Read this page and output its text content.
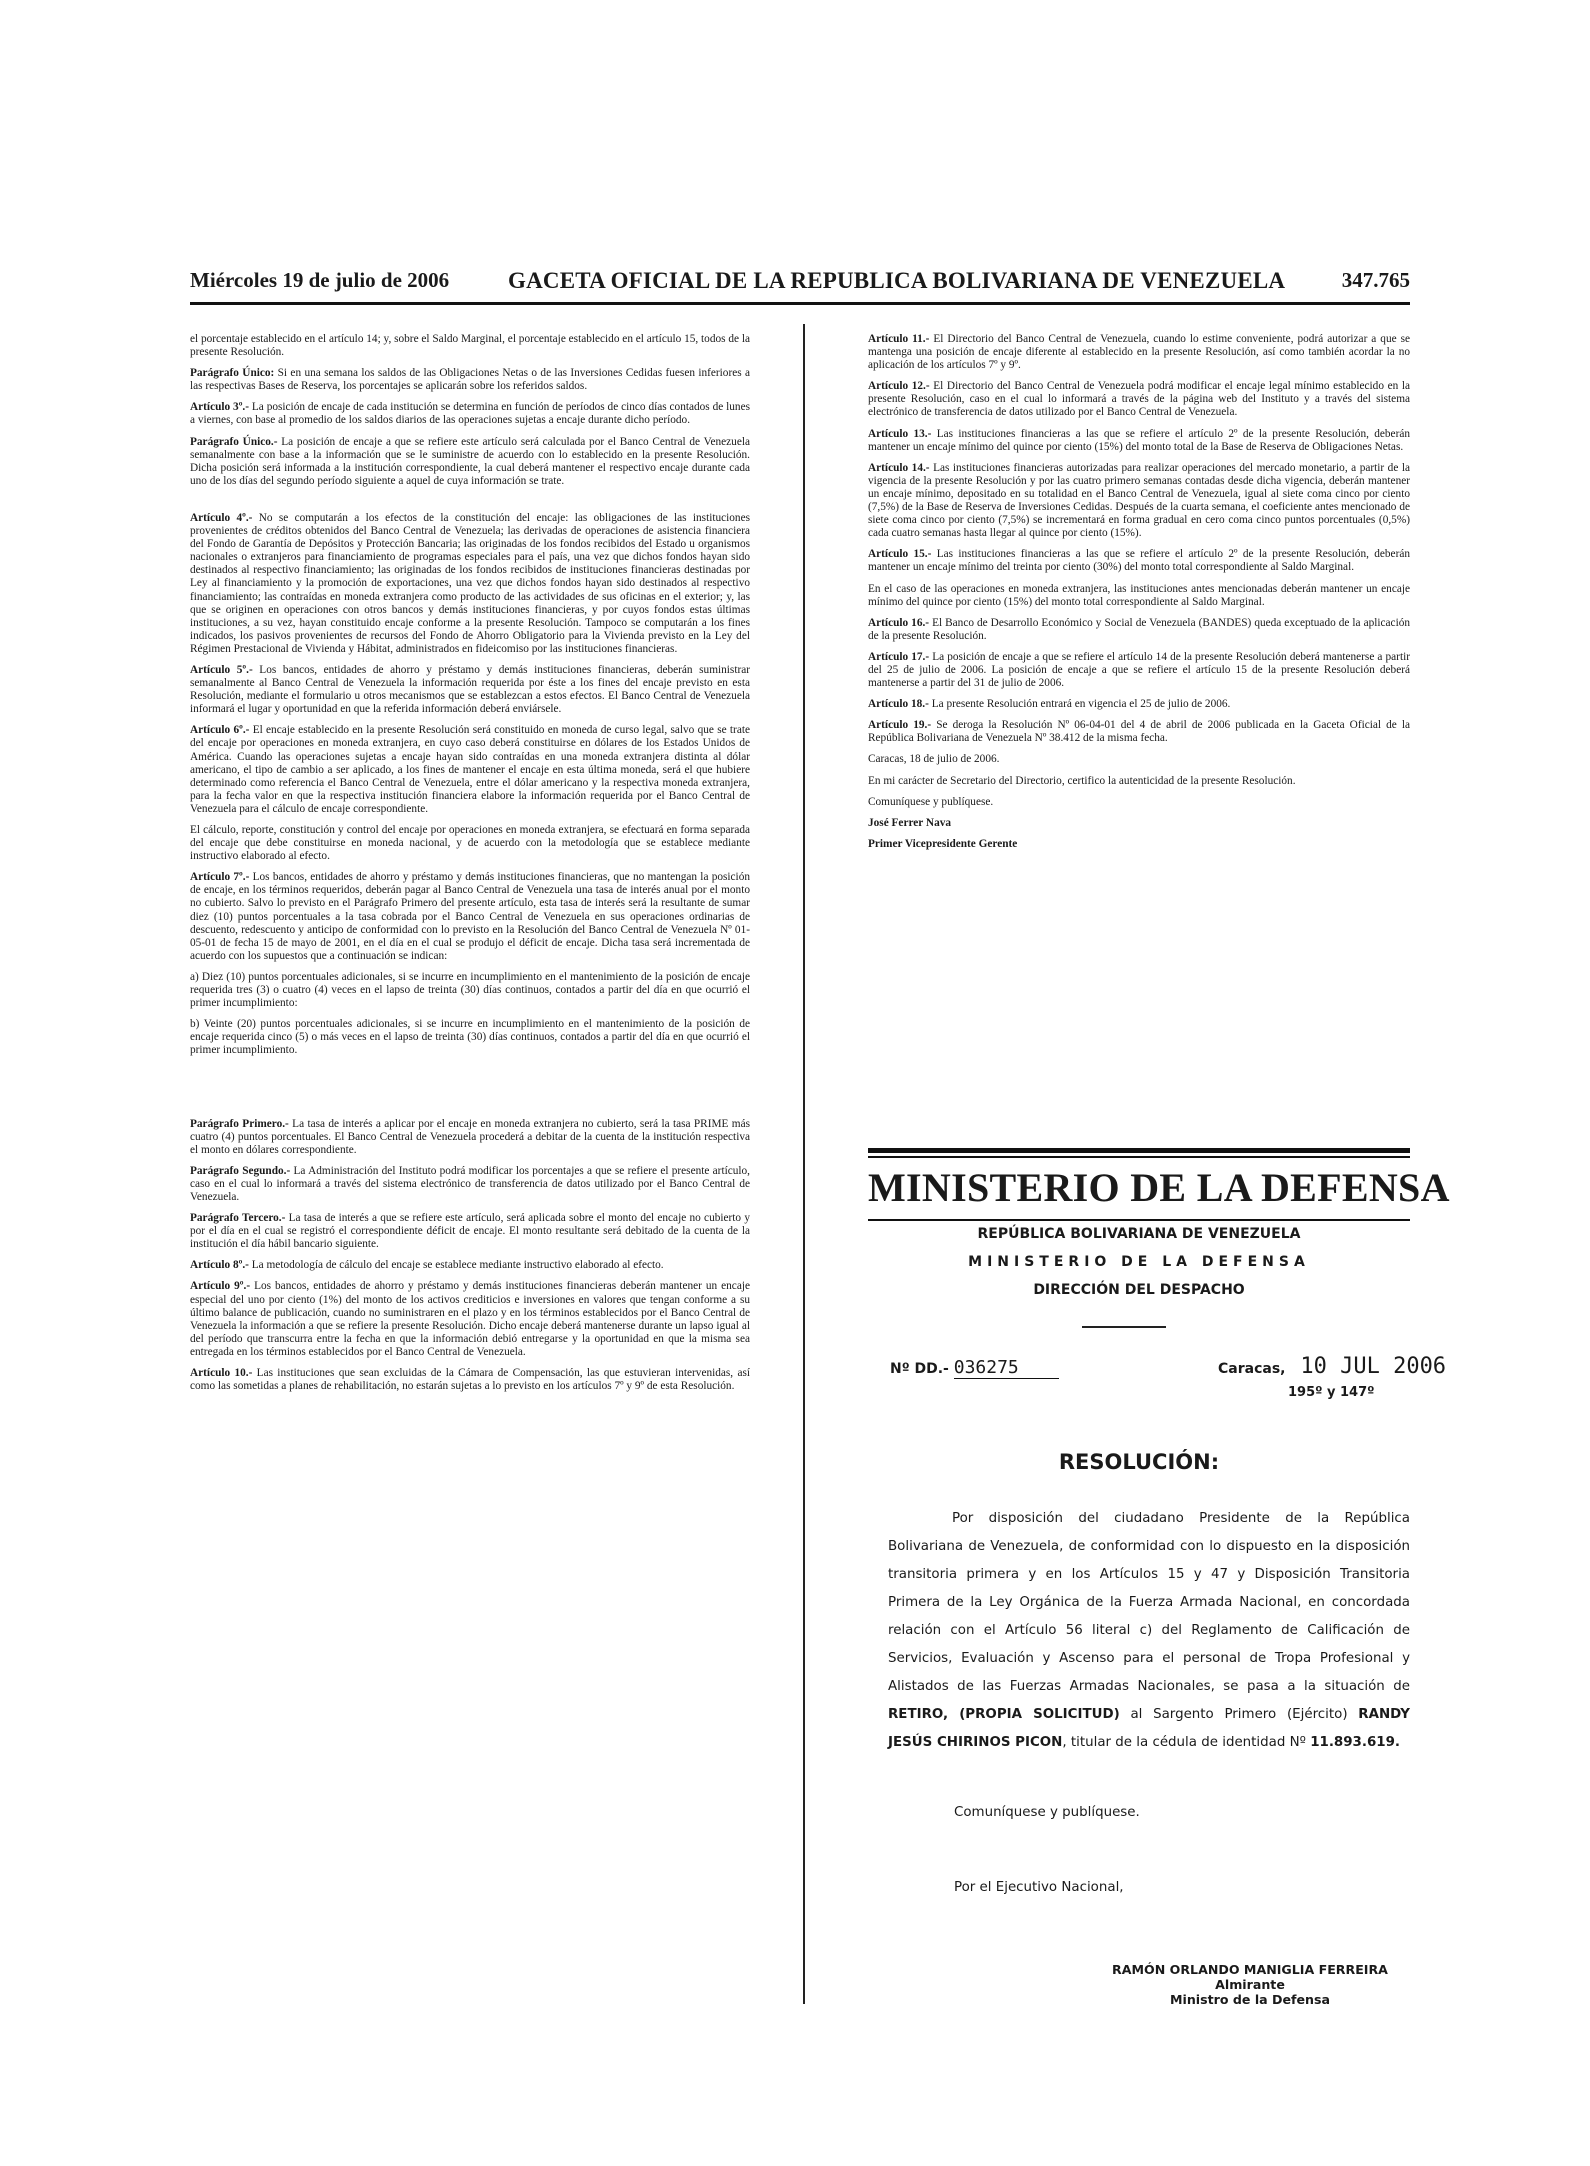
Miércoles 19 de julio de 2006	GACETA OFICIAL DE LA REPUBLICA BOLIVARIANA DE VENEZUELA	347.765

el porcentaje establecido en el artículo 14; y, sobre el Saldo Marginal, el porcentaje establecido en el artículo 15, todos de la presente Resolución.

Parágrafo Único: Si en una semana los saldos de las Obligaciones Netas o de las Inversiones Cedidas fuesen inferiores a las respectivas Bases de Reserva, los porcentajes se aplicarán sobre los referidos saldos.

Artículo 3º.- La posición de encaje de cada institución se determina en función de períodos de cinco días contados de lunes a viernes, con base al promedio de los saldos diarios de las operaciones sujetas a encaje durante dicho período.

Parágrafo Único.- La posición de encaje a que se refiere este artículo será calculada por el Banco Central de Venezuela semanalmente con base a la información que se le suministre de acuerdo con lo establecido en la presente Resolución. Dicha posición será informada a la institución correspondiente, la cual deberá mantener el respectivo encaje durante cada uno de los días del segundo período siguiente a aquel de cuya información se trate.

Artículo 4º.- No se computarán a los efectos de la constitución del encaje: las obligaciones de las instituciones provenientes de créditos obtenidos del Banco Central de Venezuela; las derivadas de operaciones de asistencia financiera del Fondo de Garantía de Depósitos y Protección Bancaria; las originadas de los fondos recibidos del Estado u organismos nacionales o extranjeros para financiamiento de programas especiales para el país, una vez que dichos fondos hayan sido destinados al respectivo financiamiento; las originadas de los fondos recibidos de instituciones financieras destinadas por Ley al financiamiento y la promoción de exportaciones, una vez que dichos fondos hayan sido destinados al respectivo financiamiento; las contraídas en moneda extranjera como producto de las actividades de sus oficinas en el exterior; y, las que se originen en operaciones con otros bancos y demás instituciones financieras, y por cuyos fondos estas últimas instituciones, a su vez, hayan constituido encaje conforme a la presente Resolución. Tampoco se computarán a los fines indicados, los pasivos provenientes de recursos del Fondo de Ahorro Obligatorio para la Vivienda previsto en la Ley del Régimen Prestacional de Vivienda y Hábitat, administrados en fideicomiso por las instituciones financieras.

Artículo 5º.- Los bancos, entidades de ahorro y préstamo y demás instituciones financieras, deberán suministrar semanalmente al Banco Central de Venezuela la información requerida por éste a los fines del encaje previsto en esta Resolución, mediante el formulario u otros mecanismos que se establezcan a estos efectos. El Banco Central de Venezuela informará el lugar y oportunidad en que la referida información deberá enviársele.

Artículo 6º.- El encaje establecido en la presente Resolución será constituido en moneda de curso legal, salvo que se trate del encaje por operaciones en moneda extranjera, en cuyo caso deberá constituirse en dólares de los Estados Unidos de América. Cuando las operaciones sujetas a encaje hayan sido contraídas en una moneda extranjera distinta al dólar americano, el tipo de cambio a ser aplicado, a los fines de mantener el encaje en esta última moneda, será el que hubiere determinado como referencia el Banco Central de Venezuela, entre el dólar americano y la respectiva moneda extranjera, para la fecha valor en que la respectiva institución financiera elabore la información requerida por el Banco Central de Venezuela para el cálculo de encaje correspondiente.

El cálculo, reporte, constitución y control del encaje por operaciones en moneda extranjera, se efectuará en forma separada del encaje que debe constituirse en moneda nacional, y de acuerdo con la metodología que se establece mediante instructivo elaborado al efecto.

Artículo 7º.- Los bancos, entidades de ahorro y préstamo y demás instituciones financieras, que no mantengan la posición de encaje, en los términos requeridos, deberán pagar al Banco Central de Venezuela una tasa de interés anual por el monto no cubierto. Salvo lo previsto en el Parágrafo Primero del presente artículo, esta tasa de interés será la resultante de sumar diez (10) puntos porcentuales a la tasa cobrada por el Banco Central de Venezuela en sus operaciones ordinarias de descuento, redescuento y anticipo de conformidad con lo previsto en la Resolución del Banco Central de Venezuela Nº 01-05-01 de fecha 15 de mayo de 2001, en el día en el cual se produjo el déficit de encaje. Dicha tasa será incrementada de acuerdo con los supuestos que a continuación se indican:

a) Diez (10) puntos porcentuales adicionales, si se incurre en incumplimiento en el mantenimiento de la posición de encaje requerida tres (3) o cuatro (4) veces en el lapso de treinta (30) días continuos, contados a partir del día en que ocurrió el primer incumplimiento:

b) Veinte (20) puntos porcentuales adicionales, si se incurre en incumplimiento en el mantenimiento de la posición de encaje requerida cinco (5) o más veces en el lapso de treinta (30) días continuos, contados a partir del día en que ocurrió el primer incumplimiento.

Parágrafo Primero.- La tasa de interés a aplicar por el encaje en moneda extranjera no cubierto, será la tasa PRIME más cuatro (4) puntos porcentuales. El Banco Central de Venezuela procederá a debitar de la cuenta de la institución respectiva el monto en dólares correspondiente.

Parágrafo Segundo.- La Administración del Instituto podrá modificar los porcentajes a que se refiere el presente artículo, caso en el cual lo informará a través del sistema electrónico de transferencia de datos utilizado por el Banco Central de Venezuela.

Parágrafo Tercero.- La tasa de interés a que se refiere este artículo, será aplicada sobre el monto del encaje no cubierto y por el día en el cual se registró el correspondiente déficit de encaje. El monto resultante será debitado de la cuenta de la institución el día hábil bancario siguiente.

Artículo 8º.- La metodología de cálculo del encaje se establece mediante instructivo elaborado al efecto.

Artículo 9º.- Los bancos, entidades de ahorro y préstamo y demás instituciones financieras deberán mantener un encaje especial del uno por ciento (1%) del monto de los activos crediticios e inversiones en valores que tengan conforme a su último balance de publicación, cuando no suministraren en el plazo y en los términos establecidos por el Banco Central de Venezuela la información a que se refiere la presente Resolución. Dicho encaje deberá mantenerse durante un lapso igual al del período que transcurra entre la fecha en que la información debió entregarse y la oportunidad en que la misma sea entregada en los términos establecidos por el Banco Central de Venezuela.

Artículo 10.- Las instituciones que sean excluidas de la Cámara de Compensación, las que estuvieran intervenidas, así como las sometidas a planes de rehabilitación, no estarán sujetas a lo previsto en los artículos 7º y 9º de esta Resolución.

Artículo 11.- El Directorio del Banco Central de Venezuela, cuando lo estime conveniente, podrá autorizar a que se mantenga una posición de encaje diferente al establecido en la presente Resolución, así como también acordar la no aplicación de los artículos 7º y 9º.

Artículo 12.- El Directorio del Banco Central de Venezuela podrá modificar el encaje legal mínimo establecido en la presente Resolución, caso en el cual lo informará a través de la página web del Instituto y a través del sistema electrónico de transferencia de datos utilizado por el Banco Central de Venezuela.

Artículo 13.- Las instituciones financieras a las que se refiere el artículo 2º de la presente Resolución, deberán mantener un encaje mínimo del quince por ciento (15%) del monto total de la Base de Reserva de Obligaciones Netas.

Artículo 14.- Las instituciones financieras autorizadas para realizar operaciones del mercado monetario, a partir de la vigencia de la presente Resolución y por las cuatro primero semanas contadas desde dicha vigencia, deberán mantener un encaje mínimo, depositado en su totalidad en el Banco Central de Venezuela, igual al siete coma cinco por ciento (7,5%) de la Base de Reserva de Inversiones Cedidas. Después de la cuarta semana, el coeficiente antes mencionado de siete coma cinco por ciento (7,5%) se incrementará en forma gradual en cero coma cinco puntos porcentuales (0,5%) cada cuatro semanas hasta llegar al quince por ciento (15%).

Artículo 15.- Las instituciones financieras a las que se refiere el artículo 2º de la presente Resolución, deberán mantener un encaje mínimo del treinta por ciento (30%) del monto total correspondiente al Saldo Marginal.

En el caso de las operaciones en moneda extranjera, las instituciones antes mencionadas deberán mantener un encaje mínimo del quince por ciento (15%) del monto total correspondiente al Saldo Marginal.

Artículo 16.- El Banco de Desarrollo Económico y Social de Venezuela (BANDES) queda exceptuado de la aplicación de la presente Resolución.

Artículo 17.- La posición de encaje a que se refiere el artículo 14 de la presente Resolución deberá mantenerse a partir del 25 de julio de 2006. La posición de encaje a que se refiere el artículo 15 de la presente Resolución deberá mantenerse a partir del 31 de julio de 2006.

Artículo 18.- La presente Resolución entrará en vigencia el 25 de julio de 2006.

Artículo 19.- Se deroga la Resolución Nº 06-04-01 del 4 de abril de 2006 publicada en la Gaceta Oficial de la República Bolivariana de Venezuela Nº 38.412 de la misma fecha.

Caracas, 18 de julio de 2006.

En mi carácter de Secretario del Directorio, certifico la autenticidad de la presente Resolución.

Comuníquese y publíquese.

José Ferrer Nava

Primer Vicepresidente Gerente

MINISTERIO DE LA DEFENSA
REPÚBLICA BOLIVARIANA DE VENEZUELA
MINISTERIO DE LA DEFENSA
DIRECCIÓN DEL DESPACHO
Nº DD.- 036275	Caracas, 10 JUL 2006
195º y 147º
RESOLUCIÓN:

Por disposición del ciudadano Presidente de la República Bolivariana de Venezuela, de conformidad con lo dispuesto en la disposición transitoria primera y en los Artículos 15 y 47 y Disposición Transitoria Primera de la Ley Orgánica de la Fuerza Armada Nacional, en concordada relación con el Artículo 56 literal c) del Reglamento de Calificación de Servicios, Evaluación y Ascenso para el personal de Tropa Profesional y Alistados de las Fuerzas Armadas Nacionales, se pasa a la situación de RETIRO, (PROPIA SOLICITUD) al Sargento Primero (Ejército) RANDY JESÚS CHIRINOS PICON, titular de la cédula de identidad Nº 11.893.619.

Comuníquese y publíquese.
Por el Ejecutivo Nacional,
RAMÓN ORLANDO MANIGLIA FERREIRA
Almirante
Ministro de la Defensa
